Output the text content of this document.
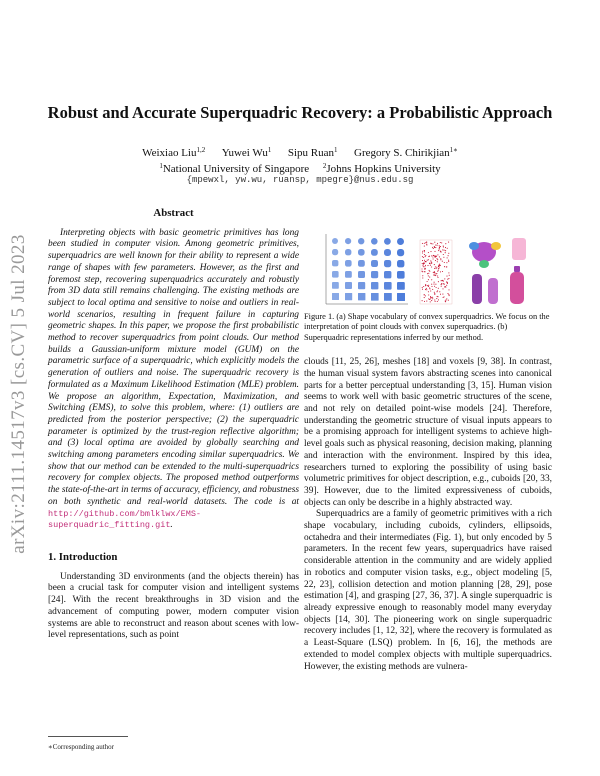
arXiv:2111.14517v3 [cs.CV] 5 Jul 2023
Robust and Accurate Superquadric Recovery: a Probabilistic Approach
Weixiao Liu$^{1,2}$ Yuwei Wu$^1$ Sipu Ruan$^1$ Gregory S. Chirikjian$^{1∗}$
$^1$National University of Singapore $^2$Johns Hopkins University
{mpewxl, yw.wu, ruansp, mpegre}@nus.edu.sg
Abstract
Interpreting objects with basic geometric primitives has long been studied in computer vision. Among geometric primitives, superquadrics are well known for their ability to represent a wide range of shapes with few parameters. However, as the first and foremost step, recovering superquadrics accurately and robustly from 3D data still remains challenging. The existing methods are subject to local optima and sensitive to noise and outliers in real-world scenarios, resulting in frequent failure in capturing geometric shapes. In this paper, we propose the first probabilistic method to recover superquadrics from point clouds. Our method builds a Gaussian-uniform mixture model (GUM) on the parametric surface of a superquadric, which explicitly models the generation of outliers and noise. The superquadric recovery is formulated as a Maximum Likelihood Estimation (MLE) problem. We propose an algorithm, Expectation, Maximization, and Switching (EMS), to solve this problem, where: (1) outliers are predicted from the posterior perspective; (2) the superquadric parameter is optimized by the trust-region reflective algorithm; and (3) local optima are avoided by globally searching and switching among parameters encoding similar superquadrics. We show that our method can be extended to the multi-superquadrics recovery for complex objects. The proposed method outperforms the state-of-the-art in terms of accuracy, efficiency, and robustness on both synthetic and real-world datasets. The code is at http://github.com/bmlklwx/EMS-superquadric_fitting.git.
1. Introduction

Understanding 3D environments (and the objects therein) has been a crucial task for computer vision and intelligent systems [24]. With the recent breakthroughs in 3D vision and the advancement of computing power, modern computer vision systems are able to reconstruct and reason about scenes with low-level representations, such as point

∗Corresponding author
Figure 1. (a) Shape vocabulary of convex superquadrics. We focus on the interpretation of point clouds with convex superquadrics. (b) Superquadric representations inferred by our method.

clouds [11, 25, 26], meshes [18] and voxels [9, 38]. In contrast, the human visual system favors abstracting scenes into canonical parts for a better perceptual understanding [3, 15]. Human vision seems to work well with basic geometric structures of the scene, and not rely on detailed point-wise models [24]. Therefore, understanding the geometric structure of visual inputs appears to be a promising approach for intelligent systems to achieve high-level goals such as physical reasoning, decision making, planning and interaction with the environment. Inspired by this idea, researchers turned to exploring the possibility of using basic volumetric primitives for object description, e.g., cuboids [20, 33, 39]. However, due to the limited expressiveness of cuboids, objects can only be describe in a highly abstracted way.

Superquadrics are a family of geometric primitives with a rich shape vocabulary, including cuboids, cylinders, ellipsoids, octahedra and their intermediates (Fig. 1), but only encoded by 5 parameters. In the recent few years, superquadrics have raised considerable attention in the community and are widely applied in robotics and computer vision tasks, e.g., object modeling [5, 22, 23], collision detection and motion planning [28, 29], pose estimation [4], and grasping [27, 36, 37]. A single superquadric is already expressive enough to reasonably model many everyday objects [14, 30]. The pioneering work on single superquadric recovery includes [1, 12, 32], where the recovery is formulated as a Least-Square (LSQ) problem. In [6, 16], the methods are extended to model complex objects with multiple superquadrics. However, the existing methods are vulnera-
